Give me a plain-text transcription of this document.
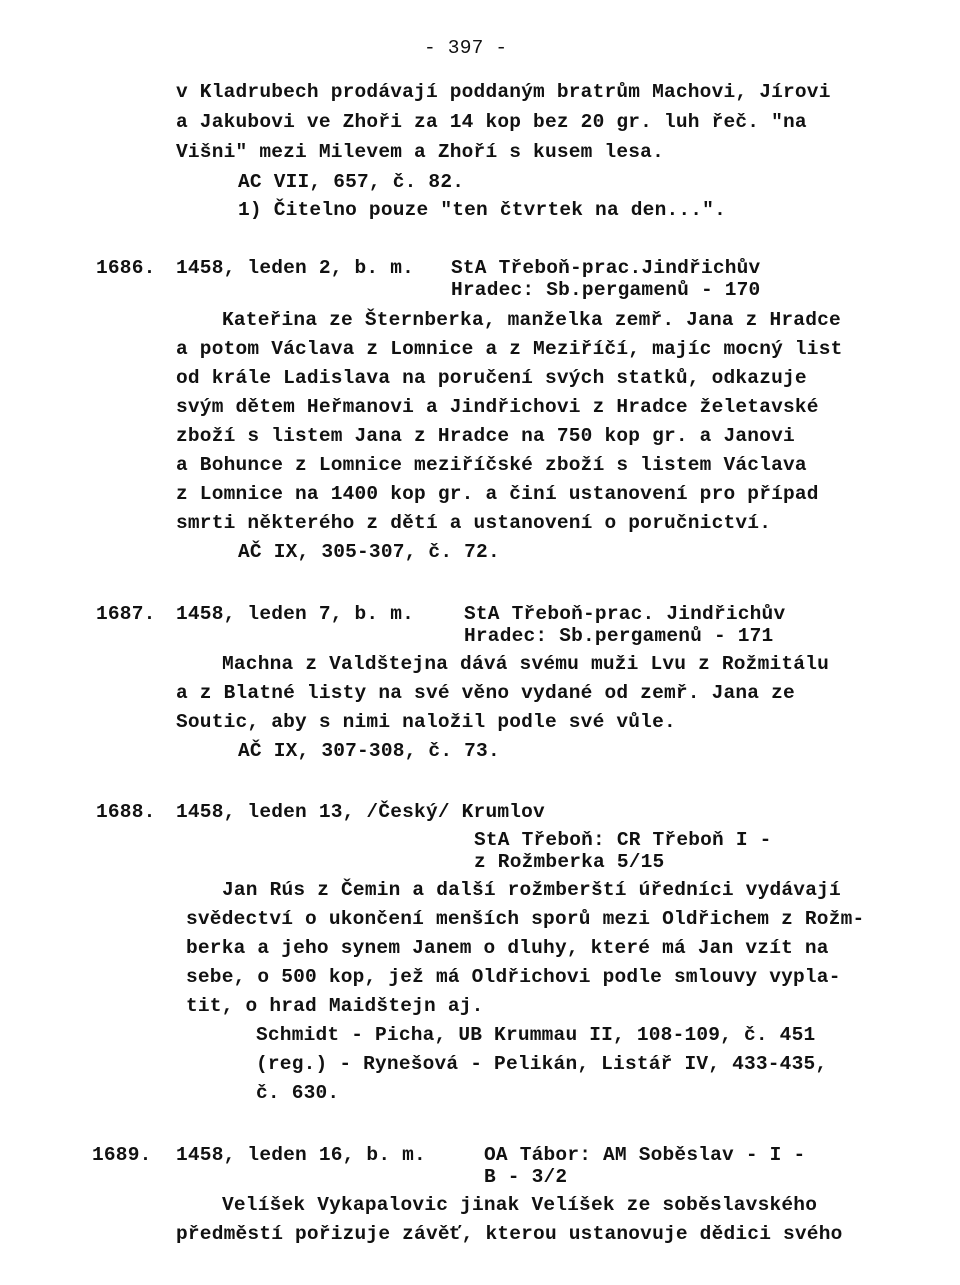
- 397 -
v Kladrubech prodávají poddaným bratrům Machovi, Jírovi
a Jakubovi ve Zhoři za 14 kop bez 20 gr. luh řeč. "na
Višni" mezi Milevem a Zhoří s kusem lesa.
AC VII, 657, č. 82.
1) Čitelno pouze "ten čtvrtek na den...".
1686. 1458, leden 2, b. m. StA Třeboň-prac.Jindřichův
Hradec: Sb.pergamenů - 170
Kateřina ze Šternberka, manželka zemř. Jana z Hradce
a potom Václava z Lomnice a z Meziříčí, majíc mocný list
od krále Ladislava na poručení svých statků, odkazuje
svým dětem Heřmanovi a Jindřichovi z Hradce želetavské
zboží s listem Jana z Hradce na 750 kop gr. a Janovi
a Bohunce z Lomnice meziříčské zboží s listem Václava
z Lomnice na 1400 kop gr. a činí ustanovení pro případ
smrti některého z dětí a ustanovení o poručnictví.
AČ IX, 305-307, č. 72.
1687. 1458, leden 7, b. m.	StA Třeboň-prac. Jindřichův
Hradec: Sb.pergamenů - 171
Machna z Valdštejna dává svému muži Lvu z Rožmitálu
a z Blatné listy na své věno vydané od zemř. Jana ze
Soutic, aby s nimi naložil podle své vůle.
AČ IX, 307-308, č. 73.
1688. 1458, leden 13, /Český/ Krumlov
StA Třeboň: CR Třeboň I -
z Rožmberka 5/15
Jan Rús z Čemin a další rožmberští úředníci vydávají
svědectví o ukončení menších sporů mezi Oldřichem z Rožm-
berka a jeho synem Janem o dluhy, které má Jan vzít na
sebe, o 500 kop, jež má Oldřichovi podle smlouvy vypla-
tit, o hrad Maidštejn aj.
Schmidt - Picha, UB Krummau II, 108-109, č. 451
(reg.) - Rynešová - Pelikán, Listář IV, 433-435,
č. 630.
1689. 1458, leden 16, b. m.	OA Tábor: AM Soběslav - I -
B - 3/2
Velíšek Vykapalovic jinak Velíšek ze soběslavského
předměstí pořizuje závěť, kterou ustanovuje dědici svého
